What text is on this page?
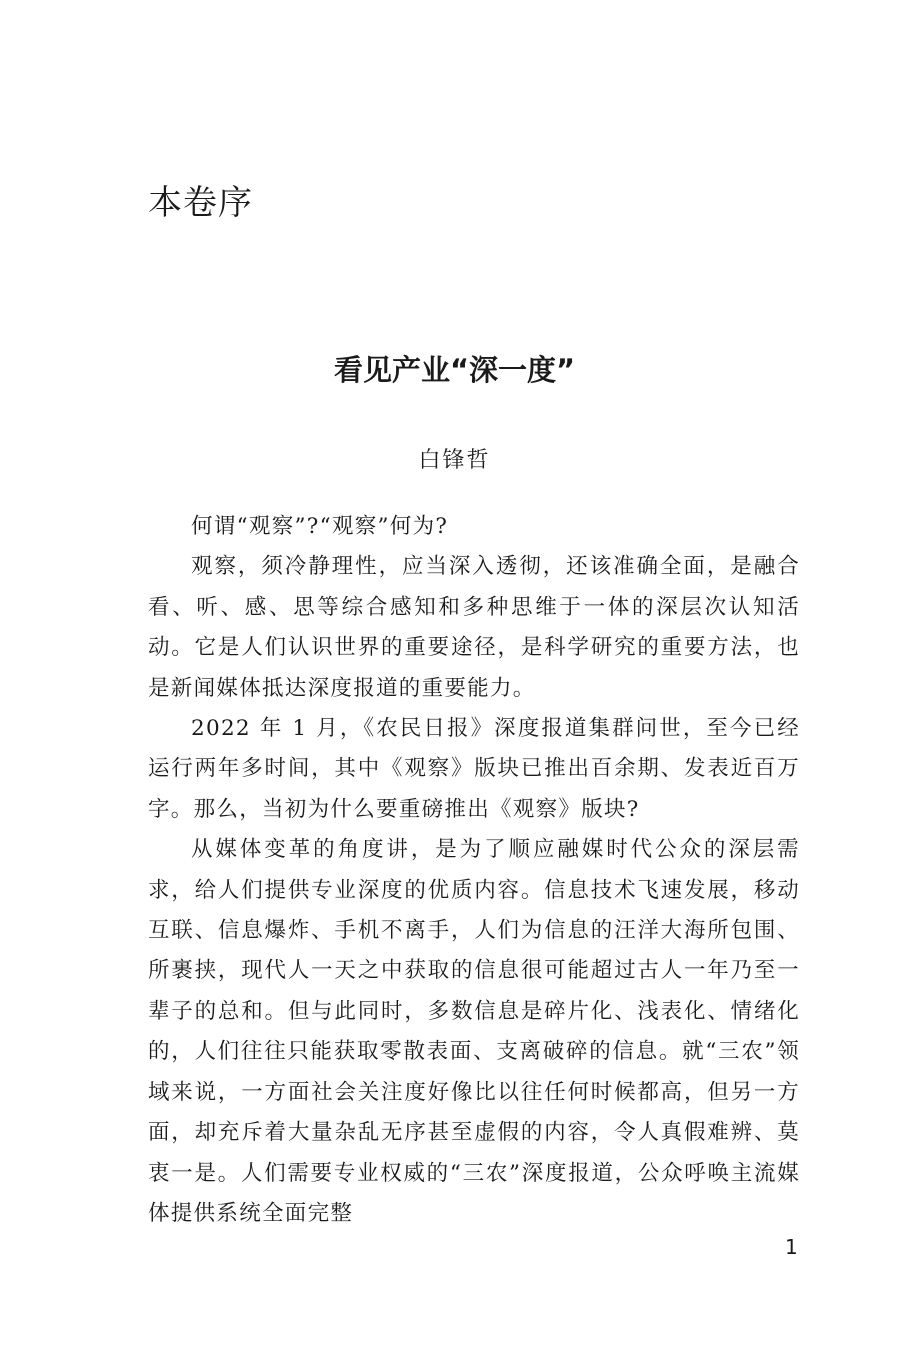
本卷序
看见产业“深一度”
白锋哲

何谓“观察”?“观察”何为?

观察，须冷静理性，应当深入透彻，还该准确全面，是融合看、听、感、思等综合感知和多种思维于一体的深层次认知活动。它是人们认识世界的重要途径，是科学研究的重要方法，也是新闻媒体抵达深度报道的重要能力。

2022 年 1 月，《农民日报》深度报道集群问世，至今已经运行两年多时间，其中《观察》版块已推出百余期、发表近百万字。那么，当初为什么要重磅推出《观察》版块?

从媒体变革的角度讲，是为了顺应融媒时代公众的深层需求，给人们提供专业深度的优质内容。信息技术飞速发展，移动互联、信息爆炸、手机不离手，人们为信息的汪洋大海所包围、所裹挟，现代人一天之中获取的信息很可能超过古人一年乃至一辈子的总和。但与此同时，多数信息是碎片化、浅表化、情绪化的，人们往往只能获取零散表面、支离破碎的信息。就“三农”领域来说，一方面社会关注度好像比以往任何时候都高，但另一方面，却充斥着大量杂乱无序甚至虚假的内容，令人真假难辨、莫衷一是。人们需要专业权威的“三农”深度报道，公众呼唤主流媒体提供系统全面完整

1
